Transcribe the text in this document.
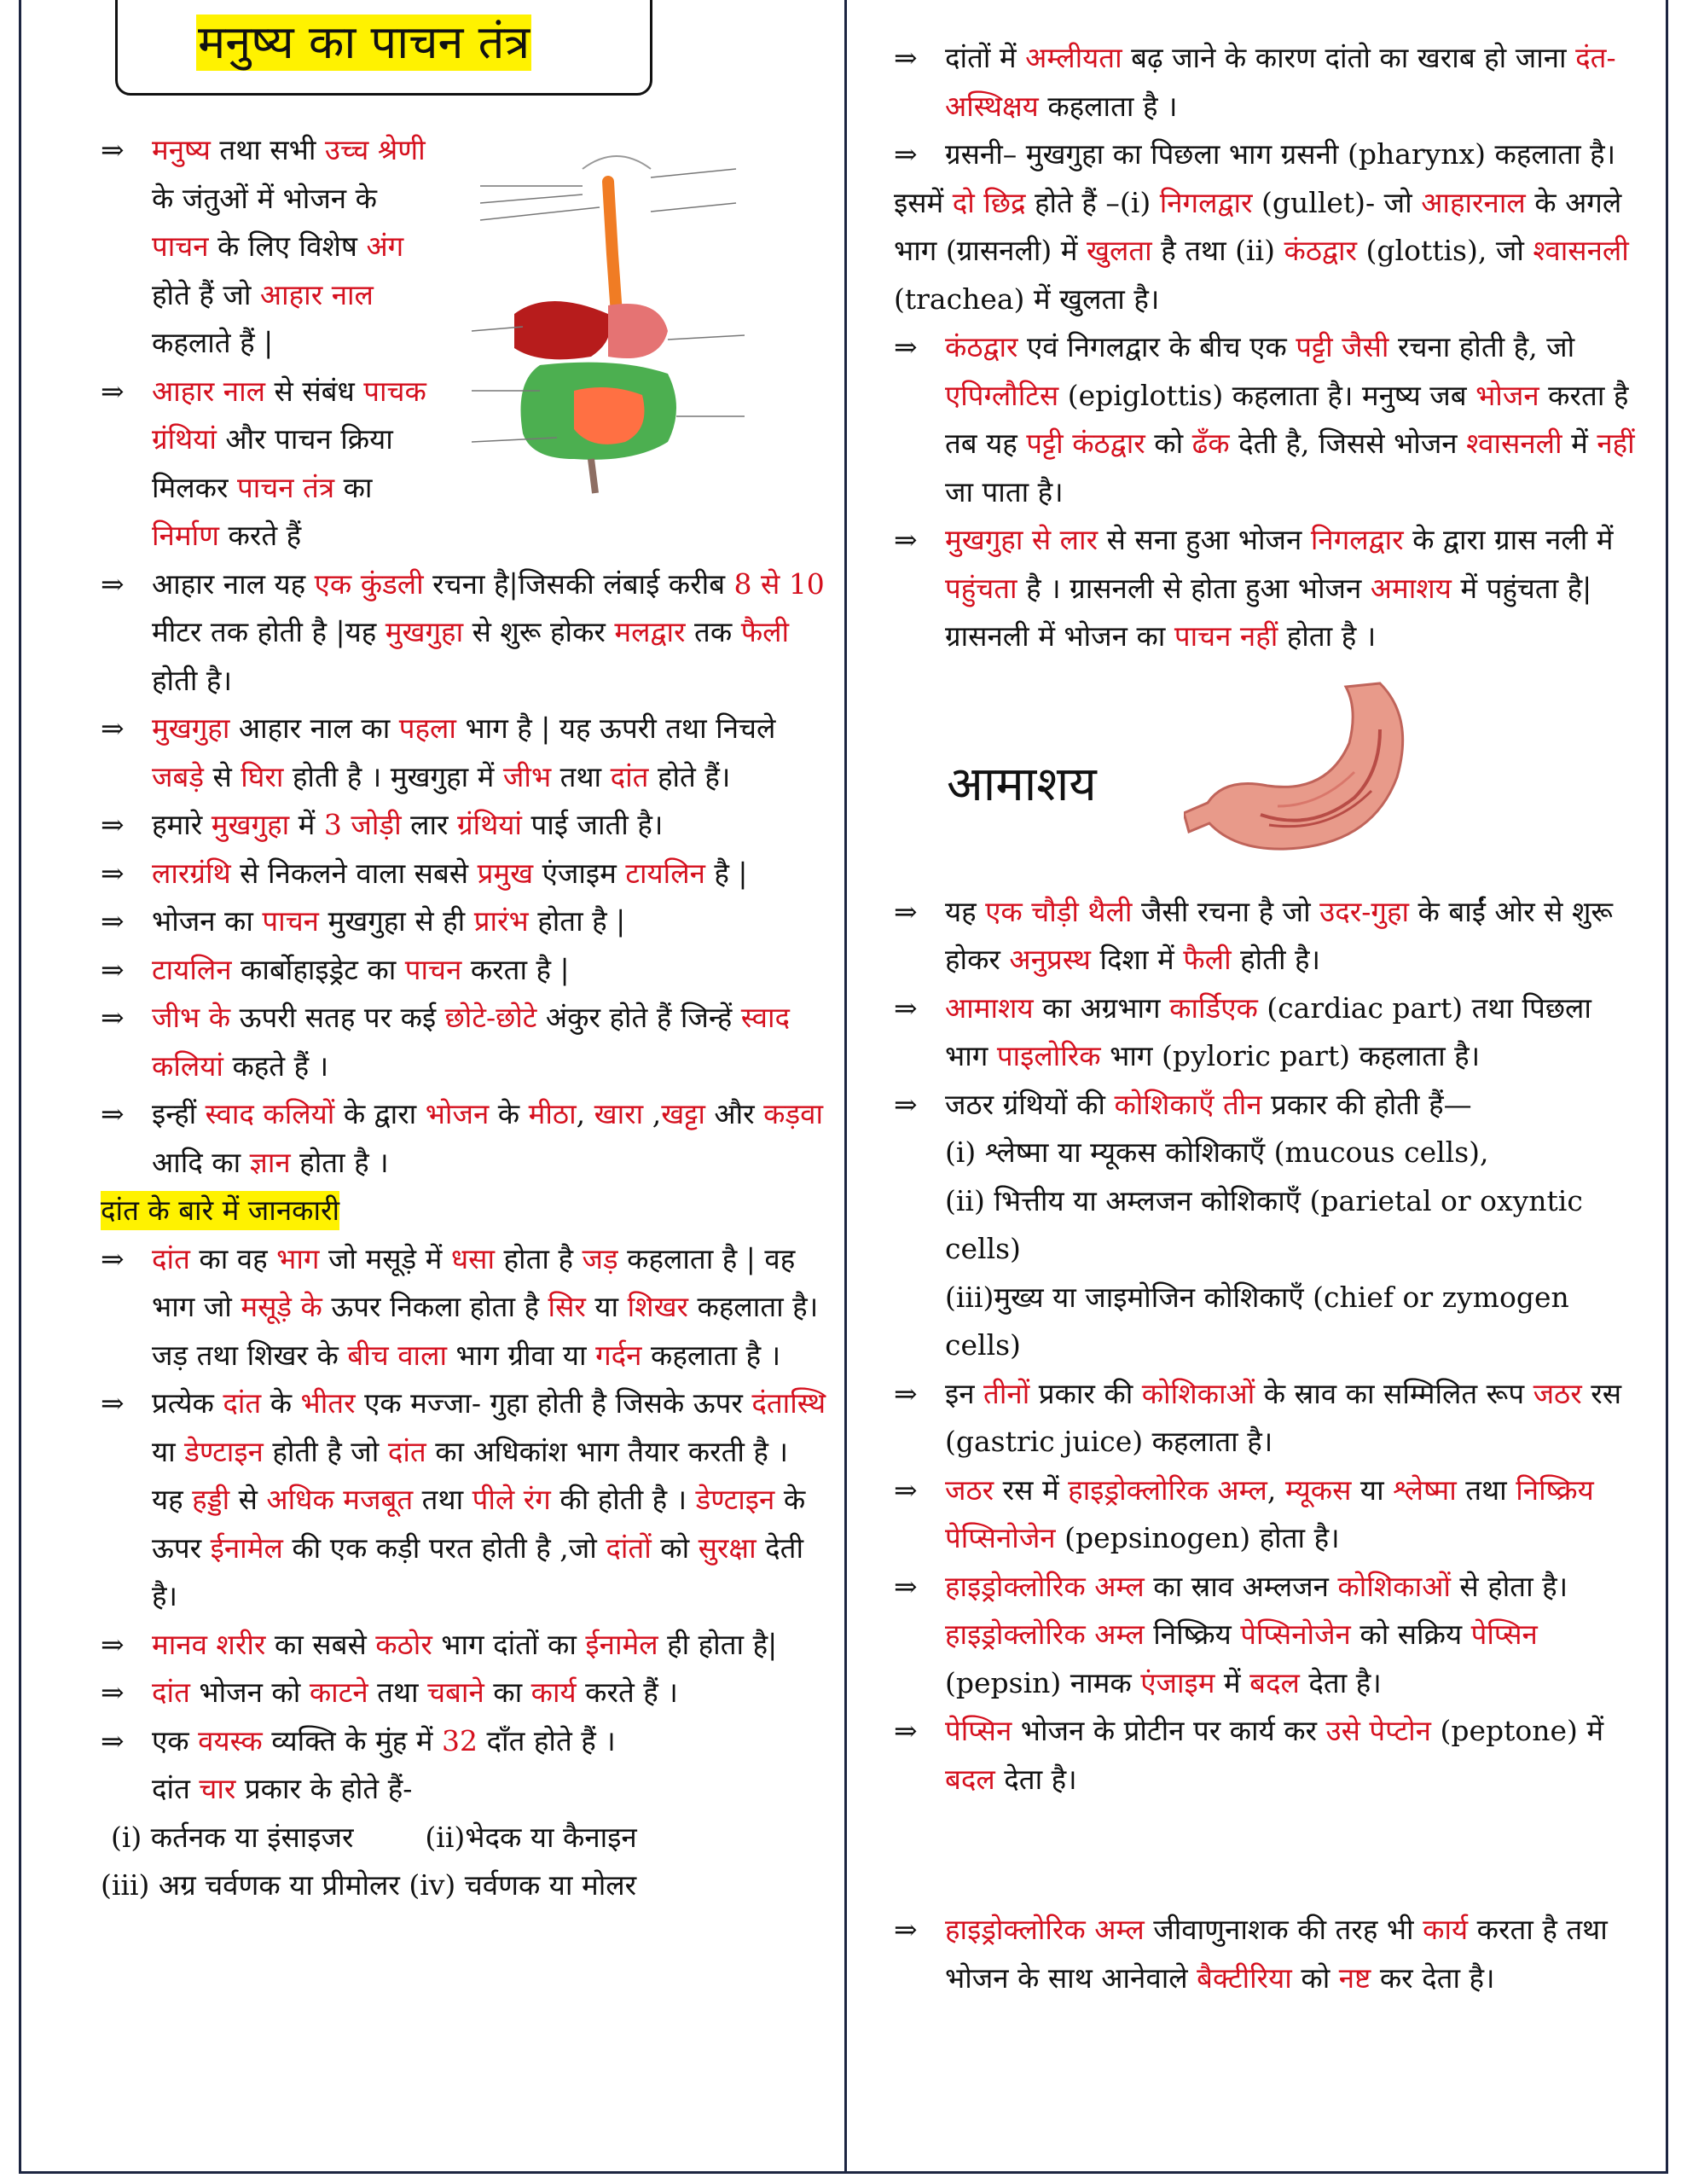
मनुष्य का पाचन तंत्र
⇒ मनुष्य तथा सभी उच्च श्रेणी के जंतुओं में भोजन के पाचन के लिए विशेष अंग होते हैं जो आहार नाल कहलाते हैं |
⇒ आहार नाल से संबंध पाचक ग्रंथियां और पाचन क्रिया मिलकर पाचन तंत्र का निर्माण करते हैं
⇒ आहार नाल यह एक कुंडली रचना है|जिसकी लंबाई करीब 8 से 10 मीटर तक होती है |यह मुखगुहा से शुरू होकर मलद्वार तक फैली होती है।
⇒ मुखगुहा आहार नाल का पहला भाग है | यह ऊपरी तथा निचले जबड़े से घिरा होती है । मुखगुहा में जीभ तथा दांत होते हैं।
⇒ हमारे मुखगुहा में 3 जोड़ी लार ग्रंथियां पाई जाती है।
⇒ लारग्रंथि से निकलने वाला सबसे प्रमुख एंजाइम टायलिन है |
⇒ भोजन का पाचन मुखगुहा से ही प्रारंभ होता है |
⇒ टायलिन कार्बोहाइड्रेट का पाचन करता है |
⇒ जीभ के ऊपरी सतह पर कई छोटे-छोटे अंकुर होते हैं जिन्हें स्वाद कलियां कहते हैं ।
⇒ इन्हीं स्वाद कलियों के द्वारा भोजन के मीठा, खारा ,खट्टा और कड़वा आदि का ज्ञान होता है ।
दांत के बारे में जानकारी
⇒ दांत का वह भाग जो मसूड़े में धसा होता है जड़ कहलाता है | वह भाग जो मसूड़े के ऊपर निकला होता है सिर या शिखर कहलाता है। जड़ तथा शिखर के बीच वाला भाग ग्रीवा या गर्दन कहलाता है ।
⇒ प्रत्येक दांत के भीतर एक मज्जा- गुहा होती है जिसके ऊपर दंतास्थि या डेण्टाइन होती है जो दांत का अधिकांश भाग तैयार करती है । यह हड्डी से अधिक मजबूत तथा पीले रंग की होती है । डेण्टाइन के ऊपर ईनामेल की एक कड़ी परत होती है ,जो दांतों को सुरक्षा देती है।
⇒ मानव शरीर का सबसे कठोर भाग दांतों का ईनामेल ही होता है|
⇒ दांत भोजन को काटने तथा चबाने का कार्य करते हैं ।
⇒ एक वयस्क व्यक्ति के मुंह में 32 दाँत होते हैं ।
दांत चार प्रकार के होते हैं-
(i) कर्तनक या इंसाइजर        (ii)भेदक या कैनाइन
(iii) अग्र चर्वणक या प्रीमोलर (iv) चर्वणक या मोलर
⇒ दांतों में अम्लीयता बढ़ जाने के कारण दांतो का खराब हो जाना दंत-अस्थिक्षय कहलाता है ।
⇒ ग्रसनी– मुखगुहा का पिछला भाग ग्रसनी (pharynx) कहलाता है।
इसमें दो छिद्र होते हैं –(i) निगलद्वार (gullet)- जो आहारनाल के अगले भाग (ग्रासनली) में खुलता है तथा (ii) कंठद्वार (glottis), जो श्वासनली (trachea) में खुलता है।
⇒ कंठद्वार एवं निगलद्वार के बीच एक पट्टी जैसी रचना होती है, जो एपिग्लौटिस (epiglottis) कहलाता है। मनुष्य जब भोजन करता है तब यह पट्टी कंठद्वार को ढँक देती है, जिससे भोजन श्वासनली में नहीं जा पाता है।
⇒ मुखगुहा से लार से सना हुआ भोजन निगलद्वार के द्वारा ग्रास नली में पहुंचता है । ग्रासनली से होता हुआ भोजन अमाशय में पहुंचता है|ग्रासनली में भोजन का पाचन नहीं होता है ।
आमाशय
⇒ यह एक चौड़ी थैली जैसी रचना है जो उदर-गुहा के बाईं ओर से शुरू होकर अनुप्रस्थ दिशा में फैली होती है।
⇒ आमाशय का अग्रभाग कार्डिएक (cardiac part) तथा पिछला भाग पाइलोरिक भाग (pyloric part) कहलाता है।
⇒ जठर ग्रंथियों की कोशिकाएँ तीन प्रकार की होती हैं—
(i) श्लेष्मा या म्यूकस कोशिकाएँ (mucous cells),
(ii) भित्तीय या अम्लजन कोशिकाएँ (parietal or oxyntic cells)
(iii)मुख्य या जाइमोजिन कोशिकाएँ (chief or zymogen cells)
⇒ इन तीनों प्रकार की कोशिकाओं के स्राव का सम्मिलित रूप जठर रस (gastric juice) कहलाता है।
⇒ जठर रस में हाइड्रोक्लोरिक अम्ल, म्यूकस या श्लेष्मा तथा निष्क्रिय पेप्सिनोजेन (pepsinogen) होता है।
⇒ हाइड्रोक्लोरिक अम्ल का स्राव अम्लजन कोशिकाओं से होता है। हाइड्रोक्लोरिक अम्ल निष्क्रिय पेप्सिनोजेन को सक्रिय पेप्सिन (pepsin) नामक एंजाइम में बदल देता है।
⇒ पेप्सिन भोजन के प्रोटीन पर कार्य कर उसे पेप्टोन (peptone) में बदल देता है।
⇒ हाइड्रोक्लोरिक अम्ल जीवाणुनाशक की तरह भी कार्य करता है तथा भोजन के साथ आनेवाले बैक्टीरिया को नष्ट कर देता है।
